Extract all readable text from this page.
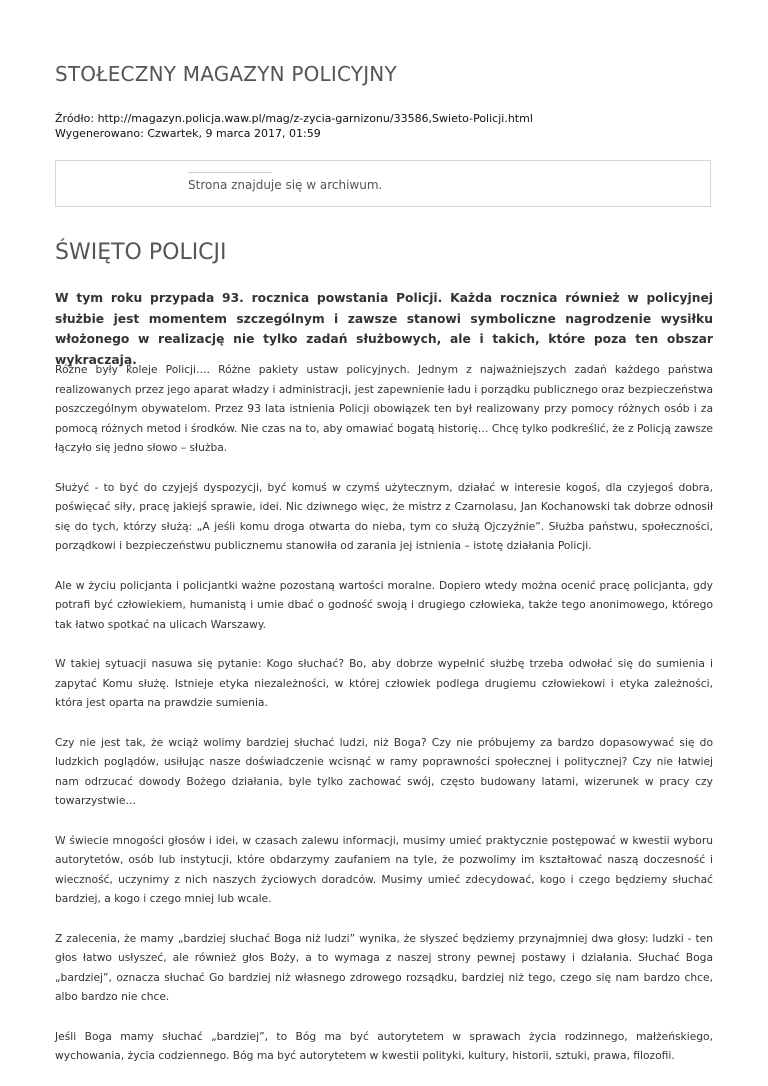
STOŁECZNY MAGAZYN POLICYJNY
Źródło: http://magazyn.policja.waw.pl/mag/z-zycia-garnizonu/33586,Swieto-Policji.html
Wygenerowano: Czwartek, 9 marca 2017, 01:59
Strona znajduje się w archiwum.
ŚWIĘTO POLICJI

W tym roku przypada 93. rocznica powstania Policji. Każda rocznica również w policyjnej służbie jest momentem szczególnym i zawsze stanowi symboliczne nagrodzenie wysiłku włożonego w realizację nie tylko zadań służbowych, ale i takich, które poza ten obszar wykraczają.

Różne były koleje Policji…. Różne pakiety ustaw policyjnych. Jednym z najważniejszych zadań każdego państwa realizowanych przez jego aparat władzy i administracji, jest zapewnienie ładu i porządku publicznego oraz bezpieczeństwa poszczególnym obywatelom. Przez 93 lata istnienia Policji obowiązek ten był realizowany przy pomocy różnych osób i za pomocą różnych metod i środków. Nie czas na to, aby omawiać bogatą historię… Chcę tylko podkreślić, że z Policją zawsze łączyło się jedno słowo – służba.

Służyć - to być do czyjejś dyspozycji, być komuś w czymś użytecznym, działać w interesie kogoś, dla czyjegoś dobra, poświęcać siły, pracę jakiejś sprawie, idei. Nic dziwnego więc, że mistrz z Czarnolasu, Jan Kochanowski tak dobrze odnosił się do tych, którzy służą: „A jeśli komu droga otwarta do nieba, tym co służą Ojczyźnie”. Służba państwu, społeczności, porządkowi i bezpieczeństwu publicznemu stanowiła od zarania jej istnienia – istotę działania Policji.

Ale w życiu policjanta i policjantki ważne pozostaną wartości moralne. Dopiero wtedy można ocenić pracę policjanta, gdy potrafi być człowiekiem, humanistą i umie dbać o godność swoją i drugiego człowieka, także tego anonimowego, którego tak łatwo spotkać na ulicach Warszawy.

W takiej sytuacji nasuwa się pytanie: Kogo słuchać? Bo, aby dobrze wypełnić służbę trzeba odwołać się do sumienia i zapytać Komu służę. Istnieje etyka niezależności, w której człowiek podlega drugiemu człowiekowi i etyka zależności, która jest oparta na prawdzie sumienia.

Czy nie jest tak, że wciąż wolimy bardziej słuchać ludzi, niż Boga? Czy nie próbujemy za bardzo dopasowywać się do ludzkich poglądów, usiłując nasze doświadczenie wcisnąć w ramy poprawności społecznej i politycznej? Czy nie łatwiej nam odrzucać dowody Bożego działania, byle tylko zachować swój, często budowany latami, wizerunek w pracy czy towarzystwie…

W świecie mnogości głosów i idei, w czasach zalewu informacji, musimy umieć praktycznie postępować w kwestii wyboru autorytetów, osób lub instytucji, które obdarzymy zaufaniem na tyle, że pozwolimy im kształtować naszą doczesność i wieczność, uczynimy z nich naszych życiowych doradców. Musimy umieć zdecydować, kogo i czego będziemy słuchać bardziej, a kogo i czego mniej lub wcale.

Z zalecenia, że mamy „bardziej słuchać Boga niż ludzi” wynika, że słyszeć będziemy przynajmniej dwa głosy: ludzki - ten głos łatwo usłyszeć, ale również głos Boży, a to wymaga z naszej strony pewnej postawy i działania. Słuchać Boga „bardziej”, oznacza słuchać Go bardziej niż własnego zdrowego rozsądku, bardziej niż tego, czego się nam bardzo chce, albo bardzo nie chce.

Jeśli Boga mamy słuchać „bardziej”, to Bóg ma być autorytetem w sprawach życia rodzinnego, małżeńskiego, wychowania, życia codziennego. Bóg ma być autorytetem w kwestii polityki, kultury, historii, sztuki, prawa, filozofii.
